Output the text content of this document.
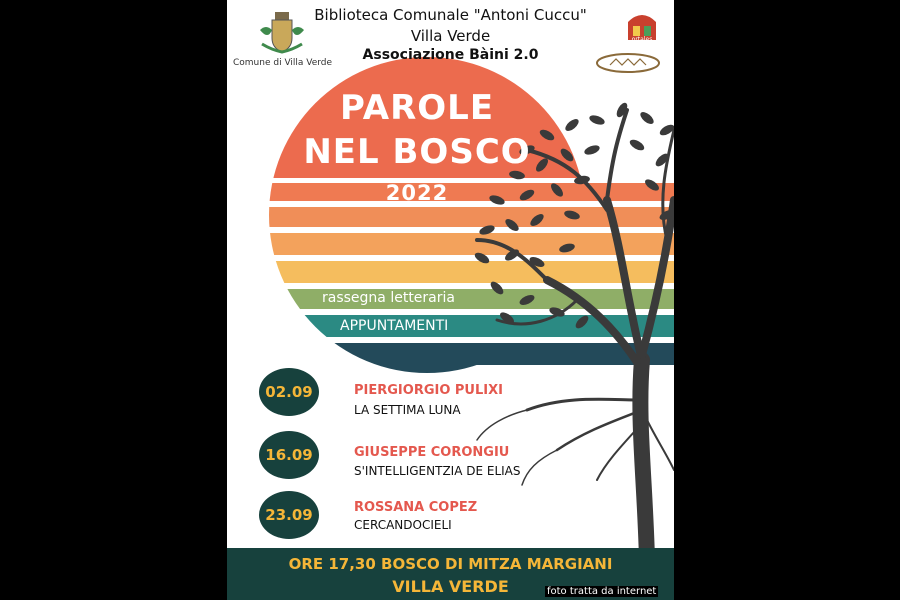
Comune di Villa Verde
Biblioteca Comunale "Antoni Cuccu"
Villa Verde
Associazione Bàini 2.0
ortales
PAROLE
NEL BOSCO
2022
rassegna letteraria
APPUNTAMENTI
02.09	PIERGIORGIO PULIXI
LA SETTIMA LUNA
16.09	GIUSEPPE CORONGIU
S'INTELLIGENTZIA DE ELIAS
23.09	ROSSANA COPEZ
CERCANDOCIELI
ORE 17,30 BOSCO DI MITZA MARGIANI
VILLA VERDE	foto tratta da internet
